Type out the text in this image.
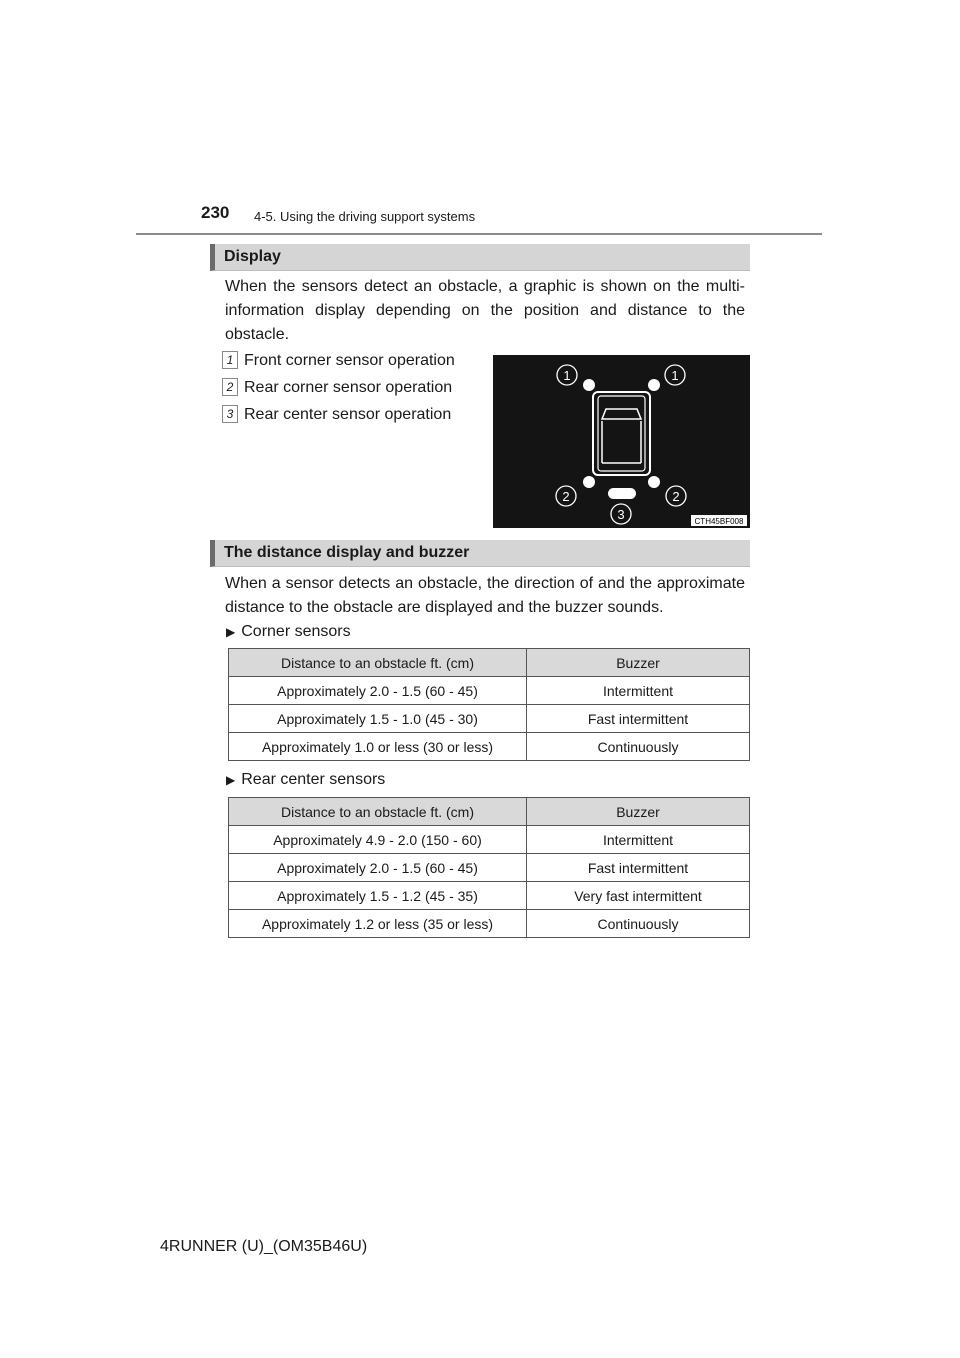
230 4-5. Using the driving support systems
Display
When the sensors detect an obstacle, a graphic is shown on the multi-information display depending on the position and distance to the obstacle.
1 Front corner sensor operation
2 Rear corner sensor operation
3 Rear center sensor operation
1	1
2	2
3	CTH45BF008
The distance display and buzzer
When a sensor detects an obstacle, the direction of and the approximate distance to the obstacle are displayed and the buzzer sounds.
▶ Corner sensors
Distance to an obstacle ft. (cm)	Buzzer
Approximately 2.0 - 1.5 (60 - 45)	Intermittent
Approximately 1.5 - 1.0 (45 - 30)	Fast intermittent
Approximately 1.0 or less (30 or less)	Continuously
▶ Rear center sensors
Distance to an obstacle ft. (cm)	Buzzer
Approximately 4.9 - 2.0 (150 - 60)	Intermittent
Approximately 2.0 - 1.5 (60 - 45)	Fast intermittent
Approximately 1.5 - 1.2 (45 - 35)	Very fast intermittent
Approximately 1.2 or less (35 or less)	Continuously
4RUNNER (U)_(OM35B46U)
